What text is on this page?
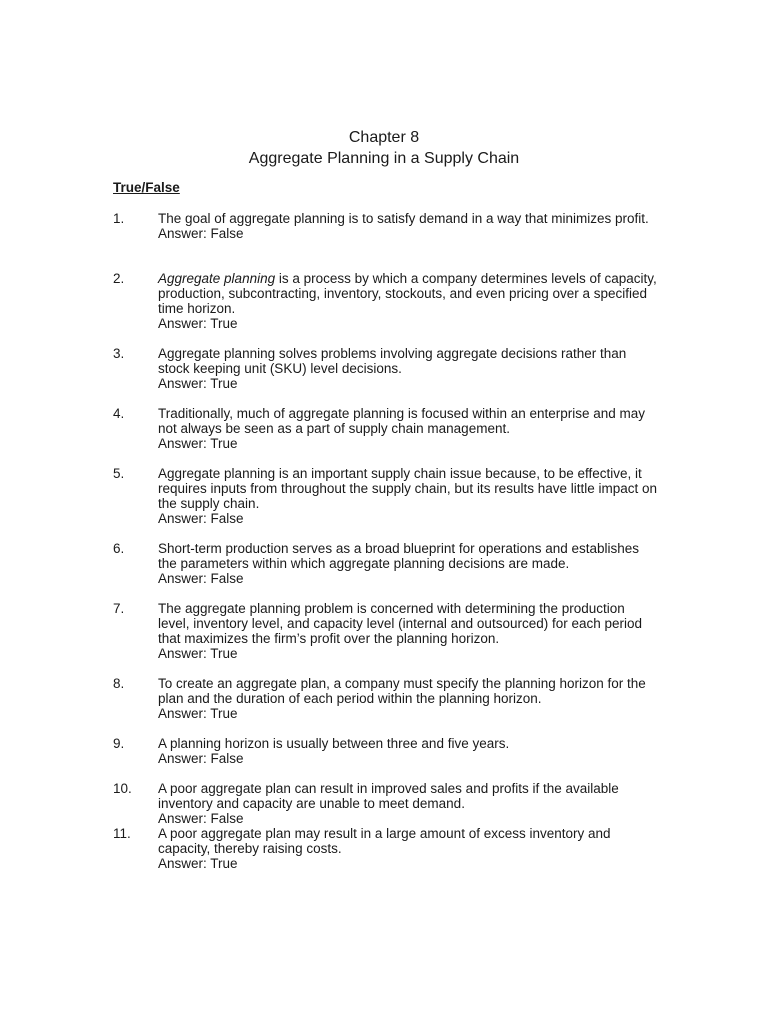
Chapter 8
Aggregate Planning in a Supply Chain
True/False
1.	The goal of aggregate planning is to satisfy demand in a way that minimizes profit.
Answer: False
2.	Aggregate planning is a process by which a company determines levels of capacity, production, subcontracting, inventory, stockouts, and even pricing over a specified time horizon.
Answer: True
3.	Aggregate planning solves problems involving aggregate decisions rather than stock keeping unit (SKU) level decisions.
Answer: True
4.	Traditionally, much of aggregate planning is focused within an enterprise and may not always be seen as a part of supply chain management.
Answer: True
5.	Aggregate planning is an important supply chain issue because, to be effective, it requires inputs from throughout the supply chain, but its results have little impact on the supply chain.
Answer: False
6.	Short-term production serves as a broad blueprint for operations and establishes the parameters within which aggregate planning decisions are made.
Answer: False
7.	The aggregate planning problem is concerned with determining the production level, inventory level, and capacity level (internal and outsourced) for each period that maximizes the firm’s profit over the planning horizon.
Answer: True
8.	To create an aggregate plan, a company must specify the planning horizon for the plan and the duration of each period within the planning horizon.
Answer: True
9.	A planning horizon is usually between three and five years.
Answer: False
10.	A poor aggregate plan can result in improved sales and profits if the available inventory and capacity are unable to meet demand.
Answer: False
11.	A poor aggregate plan may result in a large amount of excess inventory and capacity, thereby raising costs.
Answer: True
